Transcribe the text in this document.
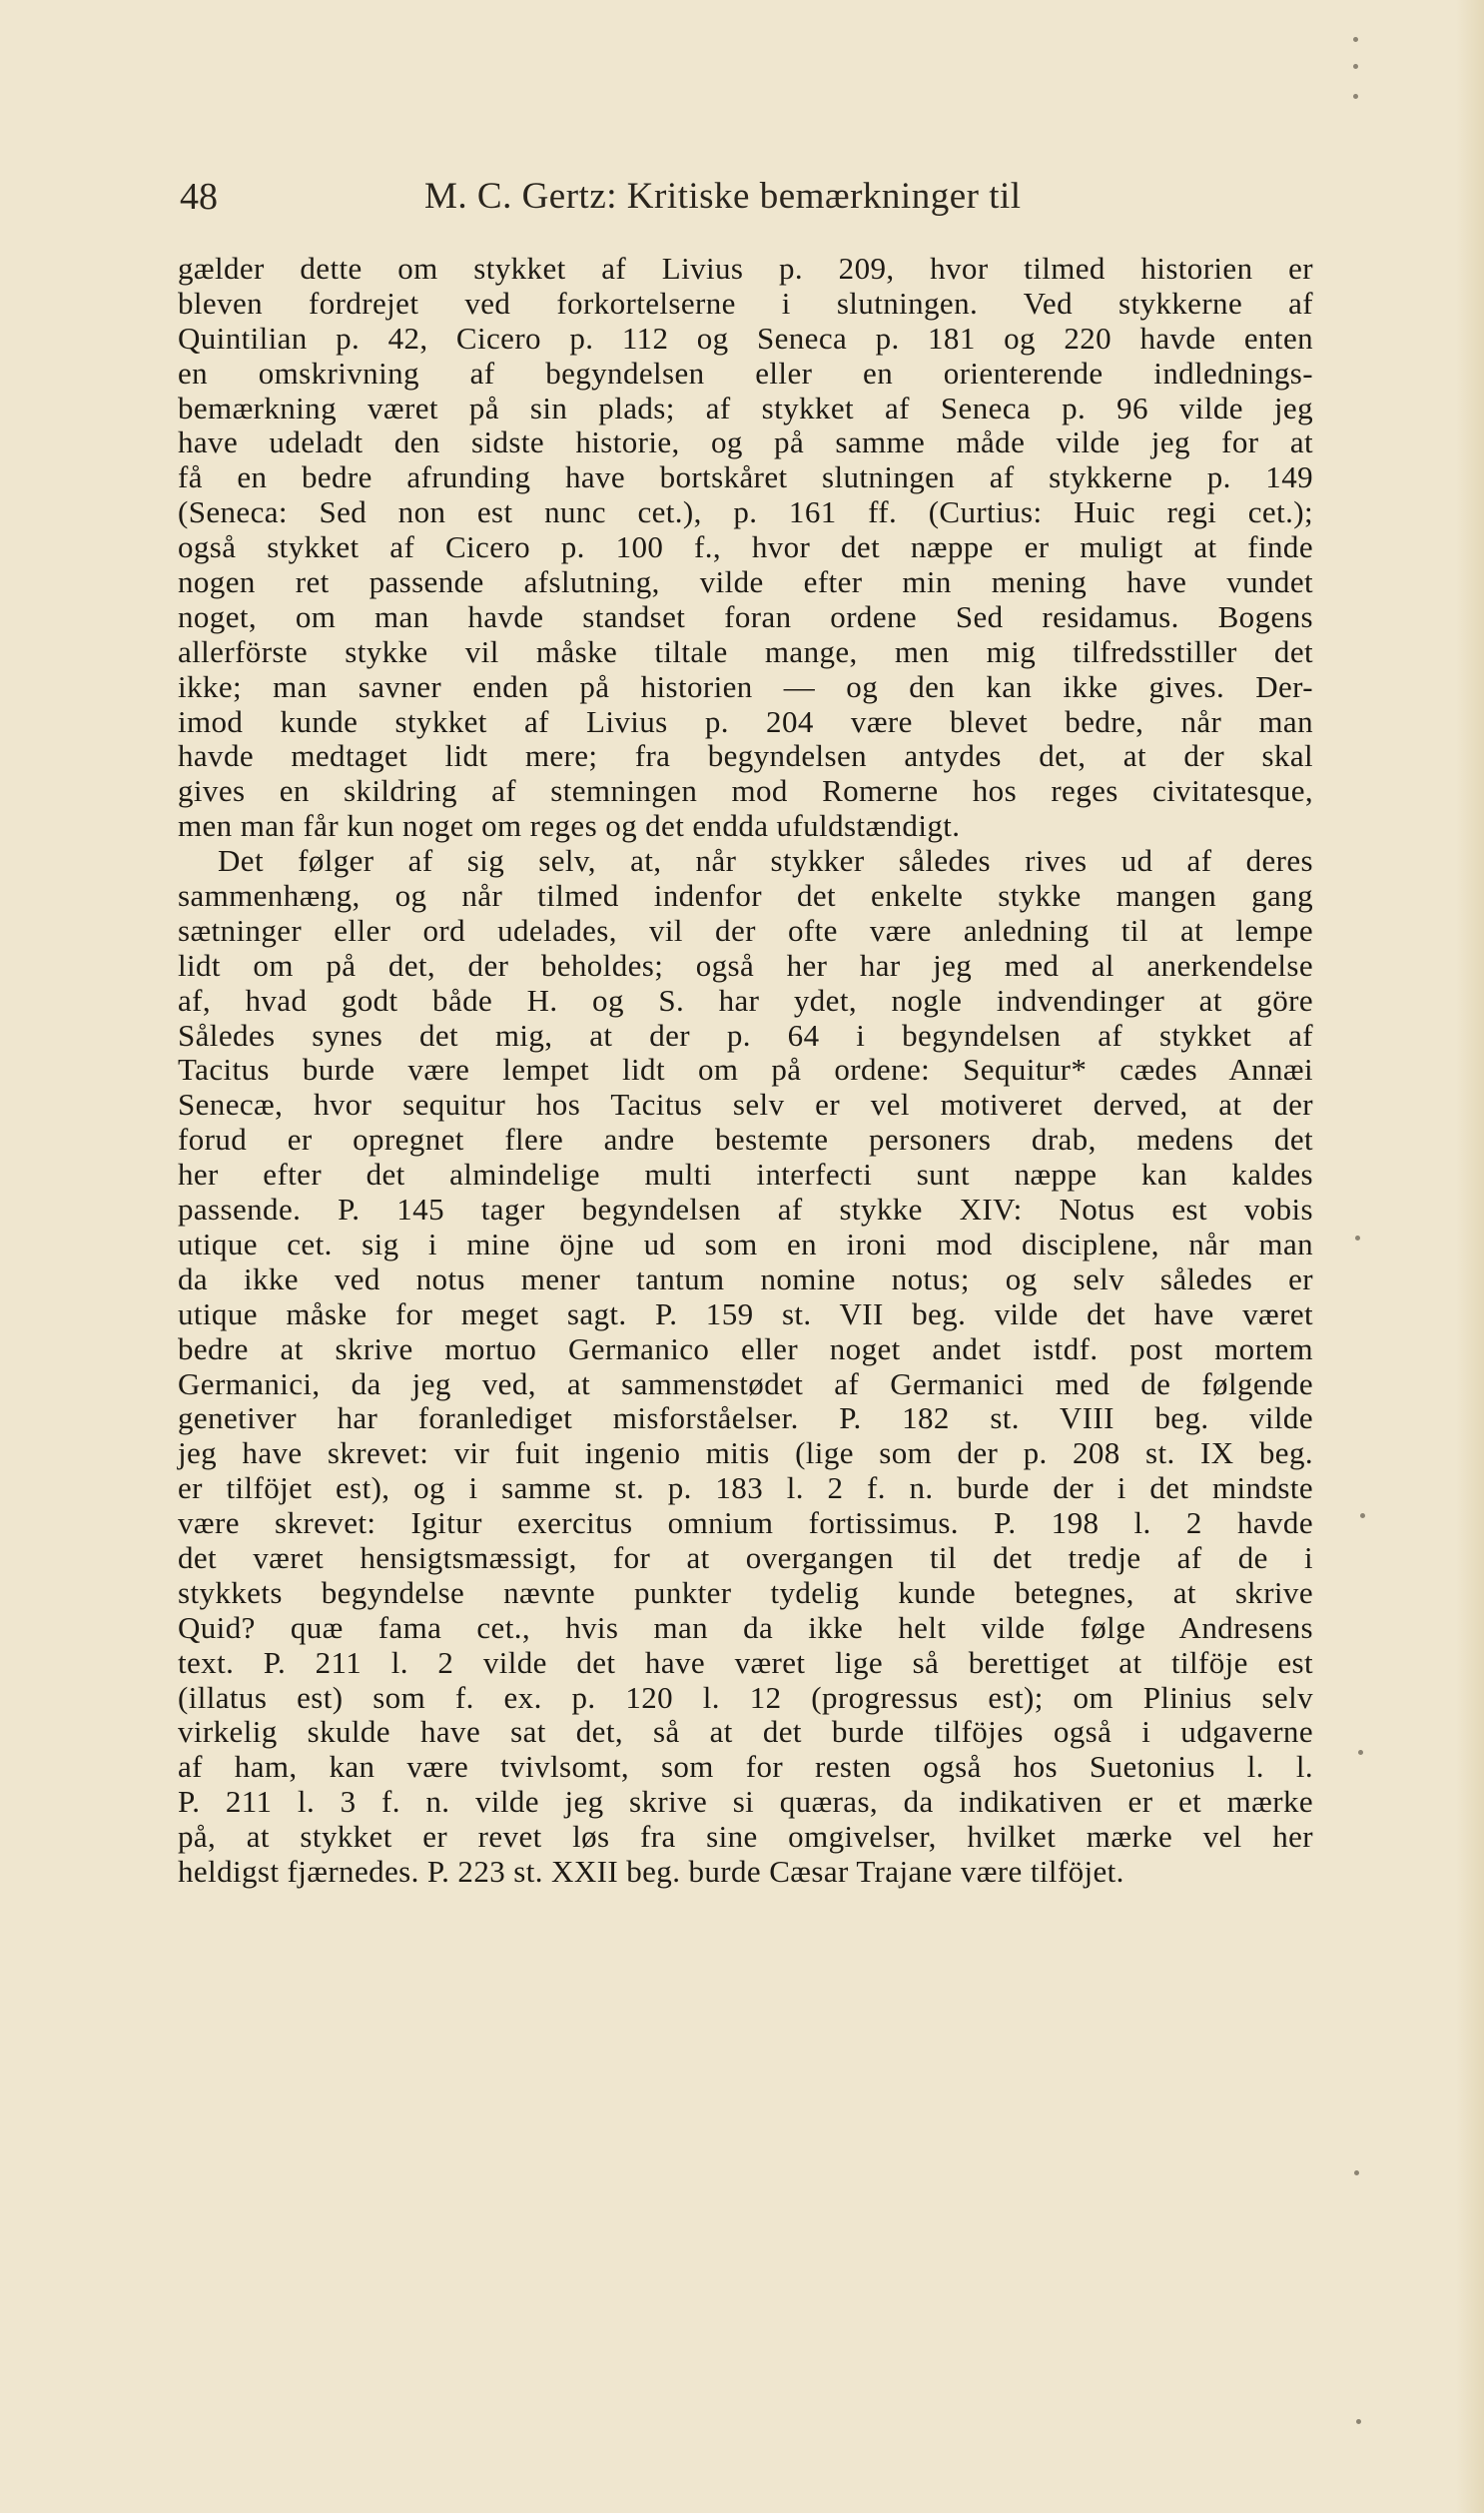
48	M. C. Gertz: Kritiske bemærkninger til
gælder dette om stykket af Livius p. 209, hvor tilmed historien er
bleven fordrejet ved forkortelserne i slutningen. Ved stykkerne af
Quintilian p. 42, Cicero p. 112 og Seneca p. 181 og 220 havde enten
en omskrivning af begyndelsen eller en orienterende indlednings-
bemærkning været på sin plads; af stykket af Seneca p. 96 vilde jeg
have udeladt den sidste historie, og på samme måde vilde jeg for at
få en bedre afrunding have bortskåret slutningen af stykkerne p. 149
(Seneca: Sed non est nunc cet.), p. 161 ff. (Curtius: Huic regi cet.);
også stykket af Cicero p. 100 f., hvor det næppe er muligt at finde
nogen ret passende afslutning, vilde efter min mening have vundet
noget, om man havde standset foran ordene Sed residamus. Bogens
allerförste stykke vil måske tiltale mange, men mig tilfredsstiller det
ikke; man savner enden på historien — og den kan ikke gives. Der-
imod kunde stykket af Livius p. 204 være blevet bedre, når man
havde medtaget lidt mere; fra begyndelsen antydes det, at der skal
gives en skildring af stemningen mod Romerne hos reges civitatesque,
men man får kun noget om reges og det endda ufuldstændigt.
Det følger af sig selv, at, når stykker således rives ud af deres
sammenhæng, og når tilmed indenfor det enkelte stykke mangen gang
sætninger eller ord udelades, vil der ofte være anledning til at lempe
lidt om på det, der beholdes; også her har jeg med al anerkendelse
af, hvad godt både H. og S. har ydet, nogle indvendinger at göre
Således synes det mig, at der p. 64 i begyndelsen af stykket af
Tacitus burde være lempet lidt om på ordene: Sequitur* cædes Annæi
Senecæ, hvor sequitur hos Tacitus selv er vel motiveret derved, at der
forud er opregnet flere andre bestemte personers drab, medens det
her efter det almindelige multi interfecti sunt næppe kan kaldes
passende. P. 145 tager begyndelsen af stykke XIV: Notus est vobis
utique cet. sig i mine öjne ud som en ironi mod disciplene, når man
da ikke ved notus mener tantum nomine notus; og selv således er
utique måske for meget sagt. P. 159 st. VII beg. vilde det have været
bedre at skrive mortuo Germanico eller noget andet istdf. post mortem
Germanici, da jeg ved, at sammenstødet af Germanici med de følgende
genetiver har foranlediget misforståelser. P. 182 st. VIII beg. vilde
jeg have skrevet: vir fuit ingenio mitis (lige som der p. 208 st. IX beg.
er tilföjet est), og i samme st. p. 183 l. 2 f. n. burde der i det mindste
være skrevet: Igitur exercitus omnium fortissimus. P. 198 l. 2 havde
det været hensigtsmæssigt, for at overgangen til det tredje af de i
stykkets begyndelse nævnte punkter tydelig kunde betegnes, at skrive
Quid? quæ fama cet., hvis man da ikke helt vilde følge Andresens
text. P. 211 l. 2 vilde det have været lige så berettiget at tilföje est
(illatus est) som f. ex. p. 120 l. 12 (progressus est); om Plinius selv
virkelig skulde have sat det, så at det burde tilföjes også i udgaverne
af ham, kan være tvivlsomt, som for resten også hos Suetonius l. l.
P. 211 l. 3 f. n. vilde jeg skrive si quæras, da indikativen er et mærke
på, at stykket er revet løs fra sine omgivelser, hvilket mærke vel her
heldigst fjærnedes. P. 223 st. XXII beg. burde Cæsar Trajane være tilföjet.
